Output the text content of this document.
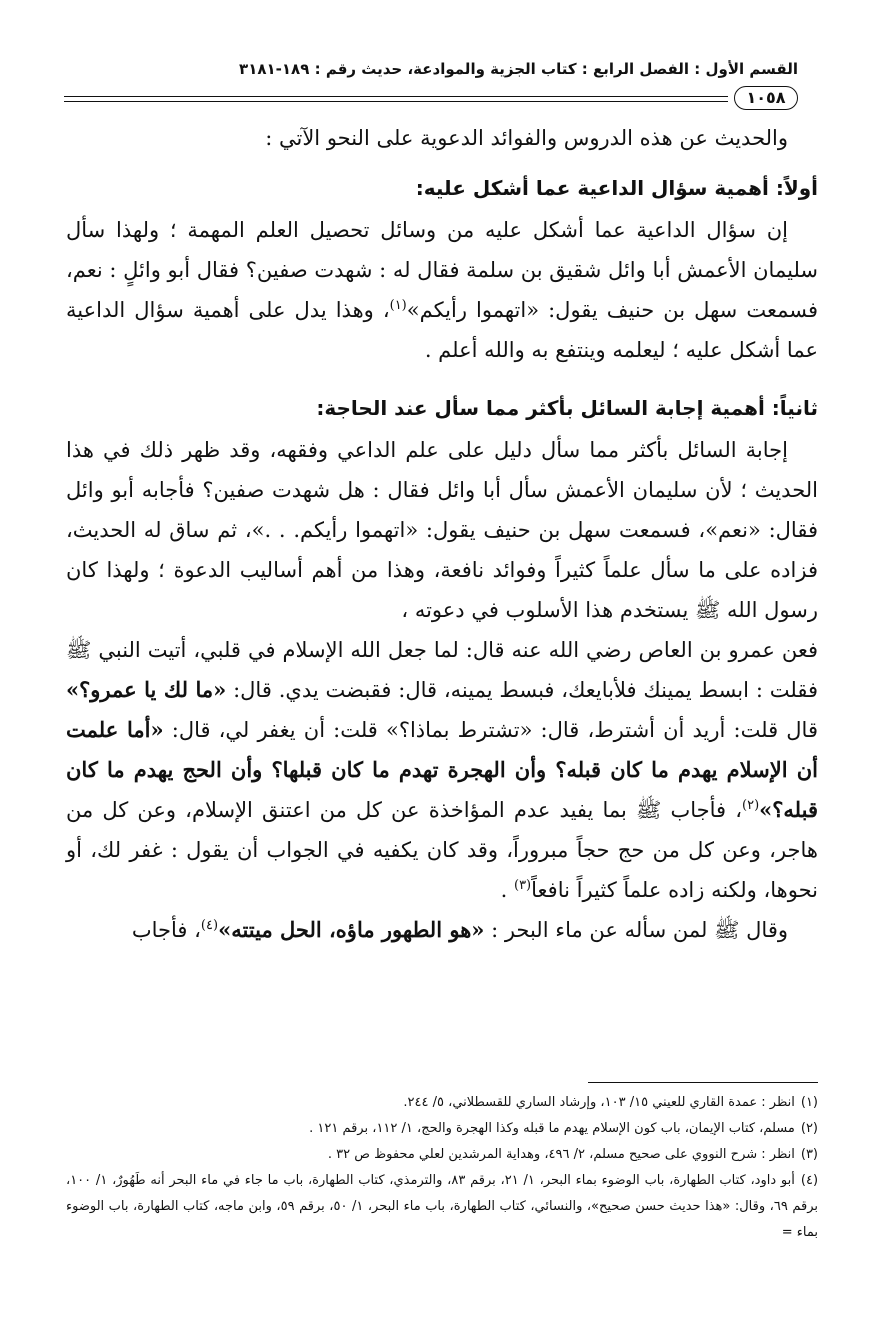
القسم الأول : الفصل الرابع : كتاب الجزية والموادعة، حديث رقم : ١٨٩-٣١٨١
١٠٥٨

والحديث عن هذه الدروس والفوائد الدعوية على النحو الآتي :

أولاً: أهمية سؤال الداعية عما أشكل عليه:

إن سؤال الداعية عما أشكل عليه من وسائل تحصيل العلم المهمة ؛ ولهذا سأل سليمان الأعمش أبا وائل شقيق بن سلمة فقال له : شهدت صفين؟ فقال أبو وائلٍ : نعم، فسمعت سهل بن حنيف يقول: «اتهموا رأيكم»$^{(١)}$، وهذا يدل على أهمية سؤال الداعية عما أشكل عليه ؛ ليعلمه وينتفع به والله أعلم .

ثانياً: أهمية إجابة السائل بأكثر مما سأل عند الحاجة:

إجابة السائل بأكثر مما سأل دليل على علم الداعي وفقهه، وقد ظهر ذلك في هذا الحديث ؛ لأن سليمان الأعمش سأل أبا وائل فقال : هل شهدت صفين؟ فأجابه أبو وائل فقال: «نعم»، فسمعت سهل بن حنيف يقول: «اتهموا رأيكم. . .»، ثم ساق له الحديث، فزاده على ما سأل علماً كثيراً وفوائد نافعة، وهذا من أهم أساليب الدعوة ؛ ولهذا كان رسول الله ﷺ يستخدم هذا الأسلوب في دعوته ،

فعن عمرو بن العاص رضي الله عنه قال: لما جعل الله الإسلام في قلبي، أتيت النبي ﷺ فقلت : ابسط يمينك فلأبايعك، فبسط يمينه، قال: فقبضت يدي. قال: «ما لك يا عمرو؟» قال قلت: أريد أن أشترط، قال: «تشترط بماذا؟» قلت: أن يغفر لي، قال: «أما علمت أن الإسلام يهدم ما كان قبله؟ وأن الهجرة تهدم ما كان قبلها؟ وأن الحج يهدم ما كان قبله؟»$^{(٢)}$، فأجاب ﷺ بما يفيد عدم المؤاخذة عن كل من اعتنق الإسلام، وعن كل من هاجر، وعن كل من حج حجاً مبروراً، وقد كان يكفيه في الجواب أن يقول : غفر لك، أو نحوها، ولكنه زاده علماً كثيراً نافعاً$^{(٣)}$ .

وقال ﷺ لمن سأله عن ماء البحر : «هو الطهور ماؤه، الحل ميتته»$^{(٤)}$، فأجاب

(١)انظر : عمدة القاري للعيني ١٥/ ١٠٣، وإرشاد الساري للقسطلاني، ٥/ ٢٤٤.

(٢)مسلم، كتاب الإيمان، باب كون الإسلام يهدم ما قبله وكذا الهجرة والحج، ١/ ١١٢، برقم ١٢١ .

(٣)انظر : شرح النووي على صحيح مسلم، ٢/ ٤٩٦، وهداية المرشدين لعلي محفوظ ص ٣٢ .

(٤)أبو داود، كتاب الطهارة، باب الوضوء بماء البحر، ١/ ٢١، برقم ٨٣، والترمذي، كتاب الطهارة، باب ما جاء في ماء البحر أنه طَهُورٌ، ١/ ١٠٠، برقم ٦٩، وقال: «هذا حديث حسن صحيح»، والنسائي، كتاب الطهارة، باب ماء البحر، ١/ ٥٠، برقم ٥٩، وابن ماجه، كتاب الطهارة، باب الوضوء بماء =
